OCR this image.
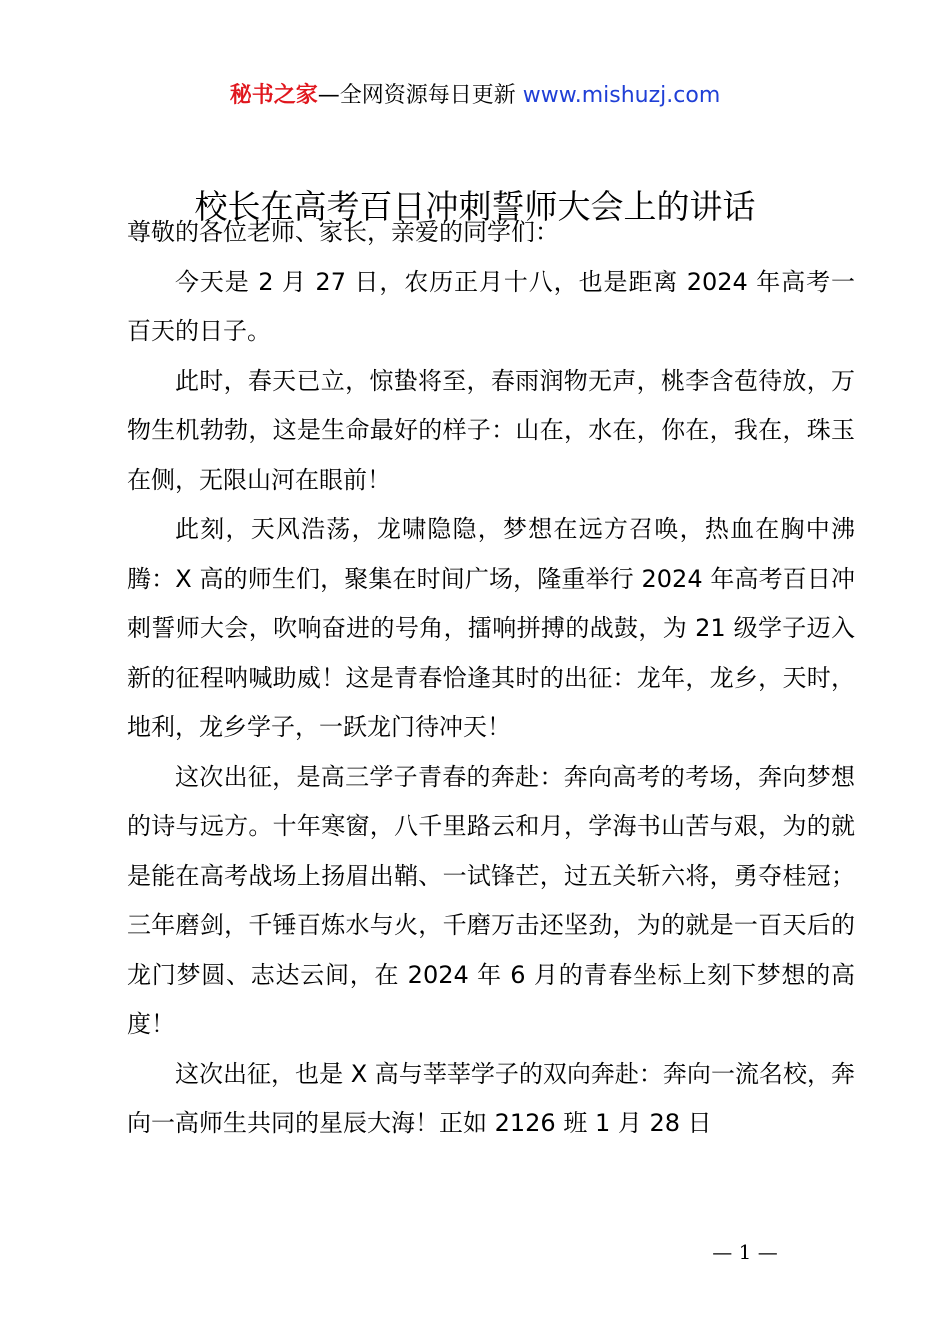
秘书之家—全网资源每日更新 www.mishuzj.com
校长在高考百日冲刺誓师大会上的讲话

尊敬的各位老师、家长，亲爱的同学们：

今天是 2 月 27 日，农历正月十八，也是距离 2024 年高考一百天的日子。

此时，春天已立，惊蛰将至，春雨润物无声，桃李含苞待放，万物生机勃勃，这是生命最好的样子：山在，水在，你在，我在，珠玉在侧，无限山河在眼前！

此刻，天风浩荡，龙啸隐隐，梦想在远方召唤，热血在胸中沸腾：X 高的师生们，聚集在时间广场，隆重举行 2024 年高考百日冲刺誓师大会，吹响奋进的号角，擂响拼搏的战鼓，为 21 级学子迈入新的征程呐喊助威！这是青春恰逢其时的出征：龙年，龙乡，天时，地利，龙乡学子，一跃龙门待冲天！

这次出征，是高三学子青春的奔赴：奔向高考的考场，奔向梦想的诗与远方。十年寒窗，八千里路云和月，学海书山苦与艰，为的就是能在高考战场上扬眉出鞘、一试锋芒，过五关斩六将，勇夺桂冠；三年磨剑，千锤百炼水与火，千磨万击还坚劲，为的就是一百天后的龙门梦圆、志达云间，在 2024 年 6 月的青春坐标上刻下梦想的高度！

这次出征，也是 X 高与莘莘学子的双向奔赴：奔向一流名校，奔向一高师生共同的星辰大海！正如 2126 班 1 月 28 日

— 1 —
